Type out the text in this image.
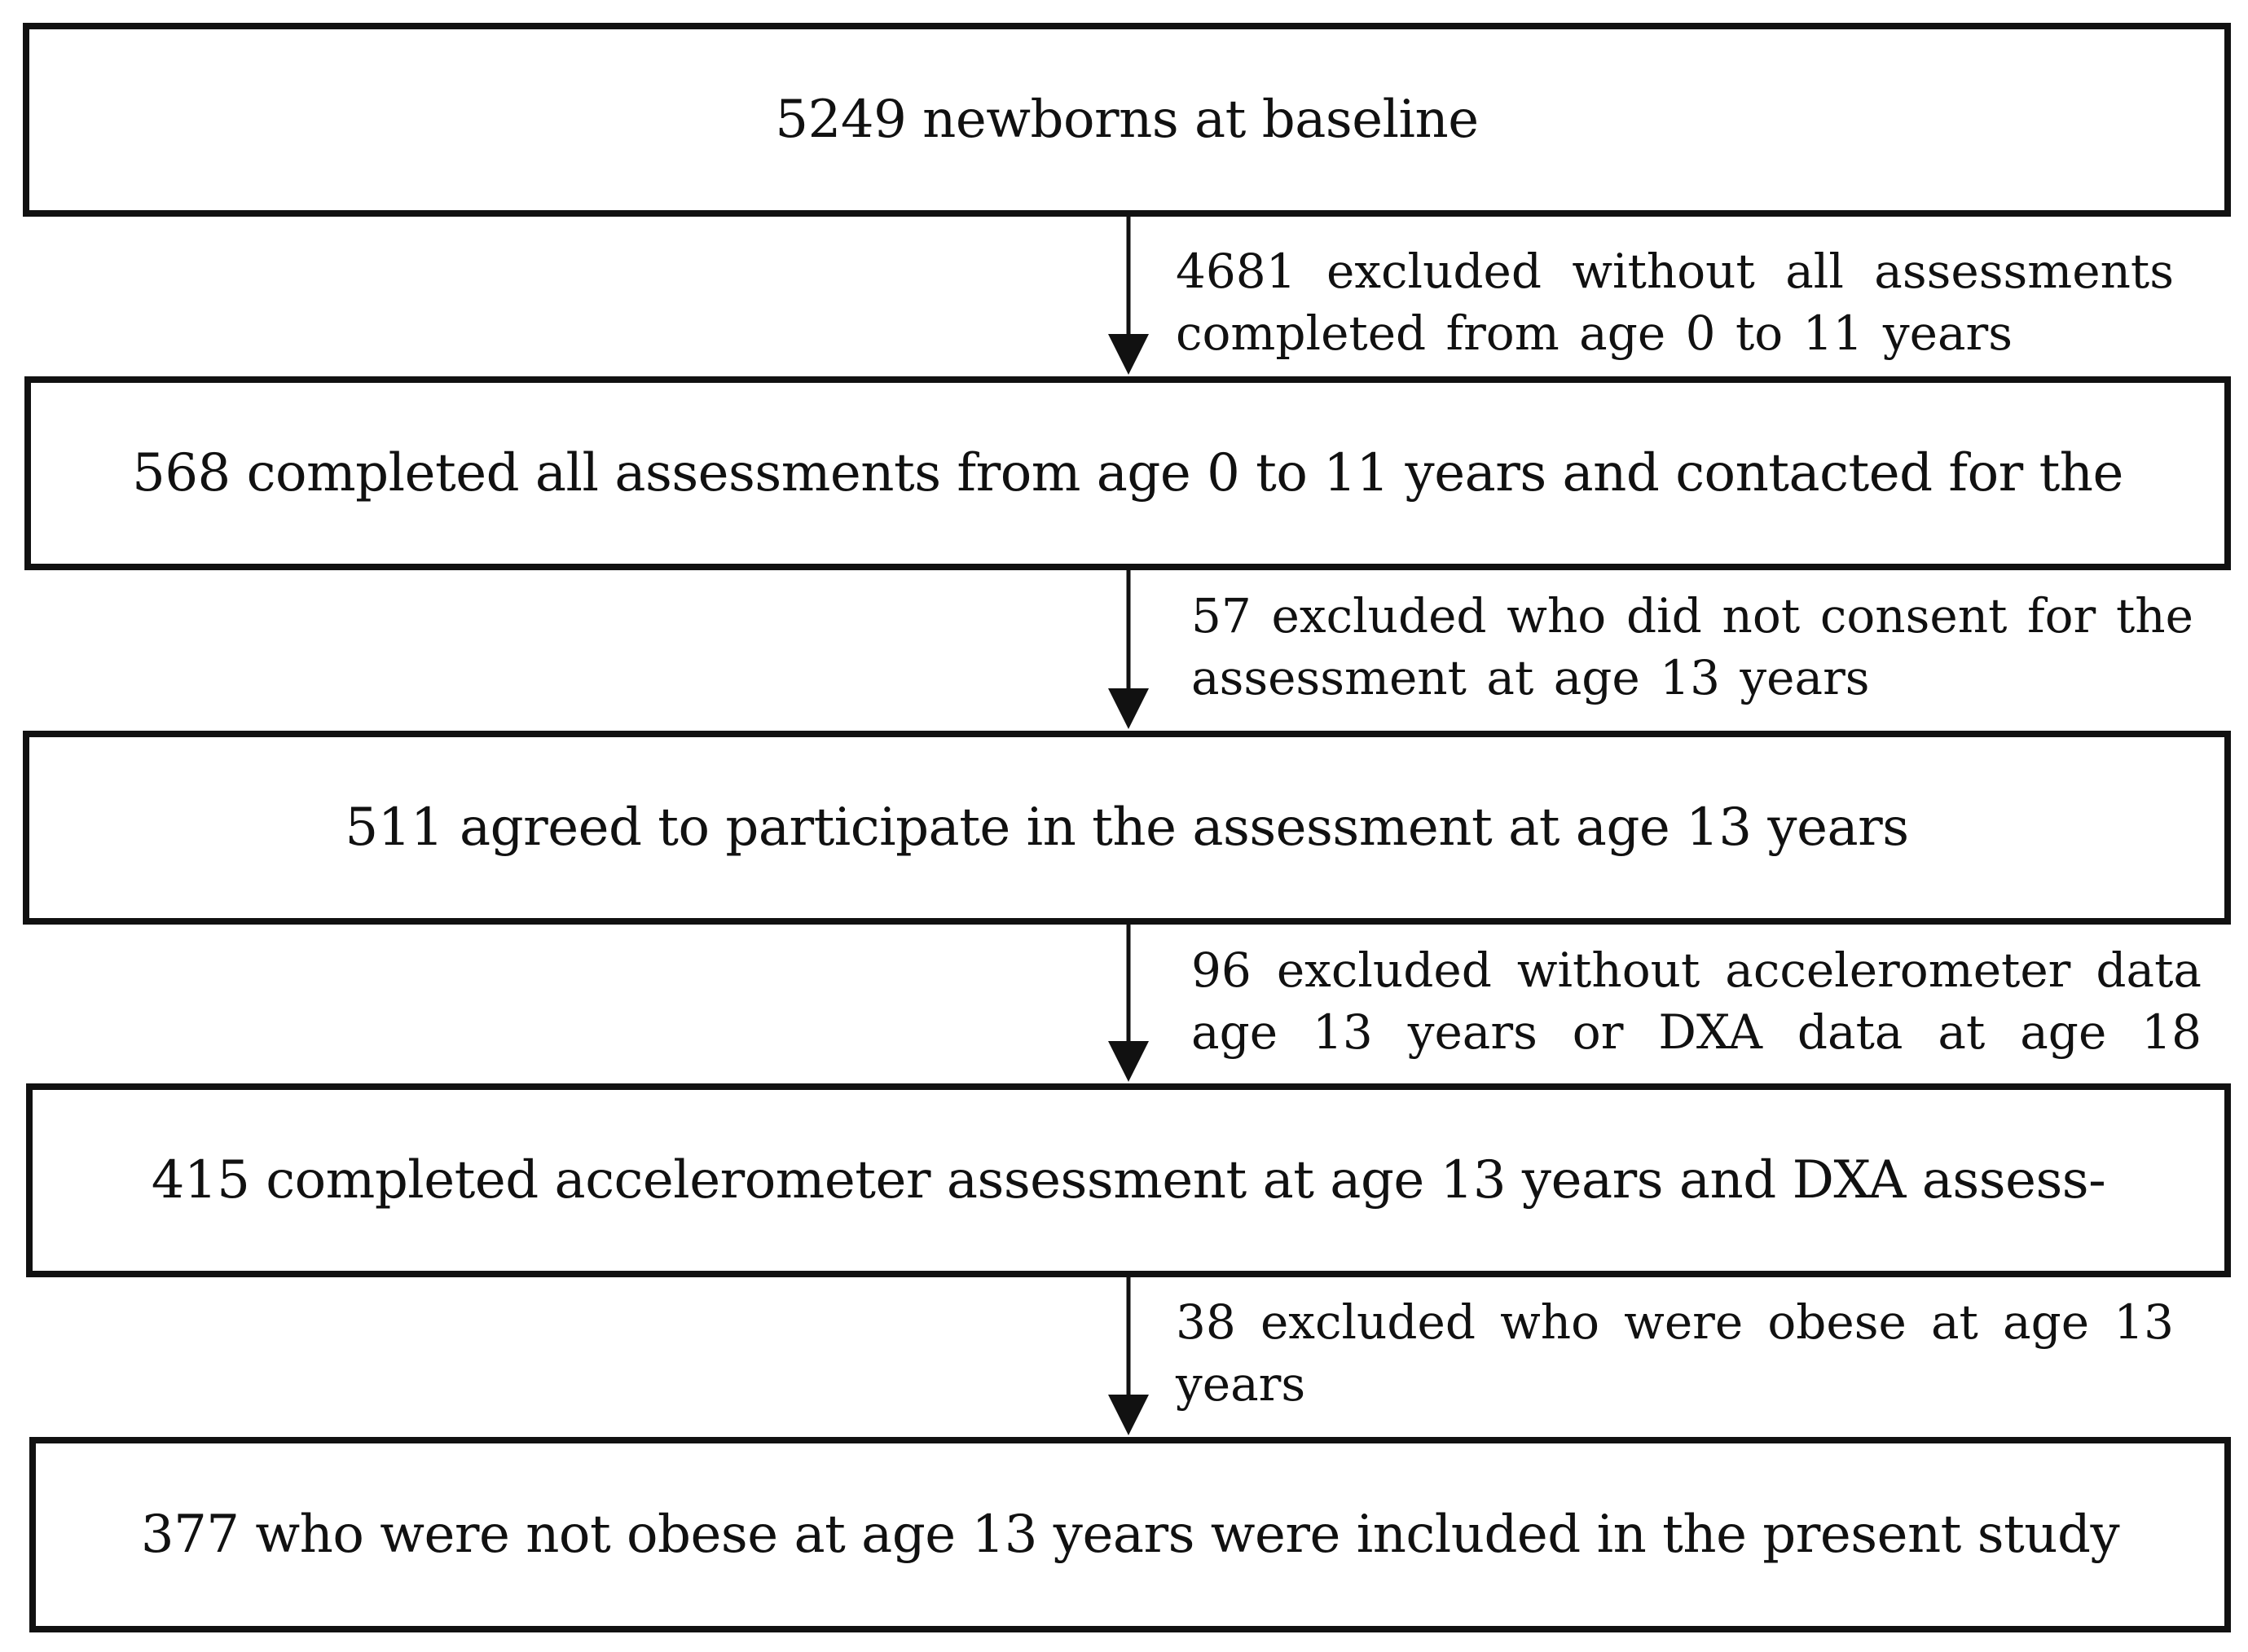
5249 newborns at baseline
4681 excluded without all assessments completed from age 0 to 11 years
568 completed all assessments from age 0 to 11 years and contacted for the
57 excluded who did not consent for the assessment at age 13 years
511 agreed to participate in the assessment at age 13 years
96 excluded without accelerometer data age 13 years or DXA data at age 18
415 completed accelerometer assessment at age 13 years and DXA assess-
38 excluded who were obese at age 13 years
377 who were not obese at age 13 years were included in the present study
